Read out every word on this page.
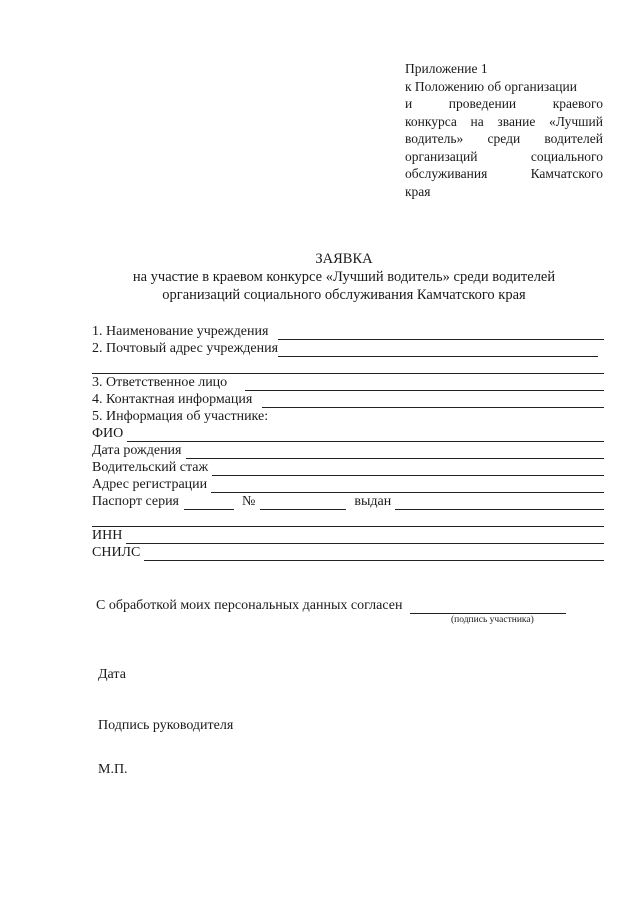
Приложение 1
к Положению об организации
и проведении краевого
конкурса на звание «Лучший
водитель» среди водителей
организаций социального
обслуживания Камчатского
края
ЗАЯВКА
на участие в краевом конкурсе «Лучший водитель» среди водителей
организаций социального обслуживания Камчатского края
1. Наименование учреждения
2. Почтовый адрес учреждения
3. Ответственное лицо
4. Контактная информация
5. Информация об участнике:
ФИО
Дата рождения
Водительский стаж
Адрес регистрации
Паспорт серия	№	выдан
ИНН
СНИЛС
С обработкой моих персональных данных согласен
(подпись участника)
Дата
Подпись руководителя
М.П.
